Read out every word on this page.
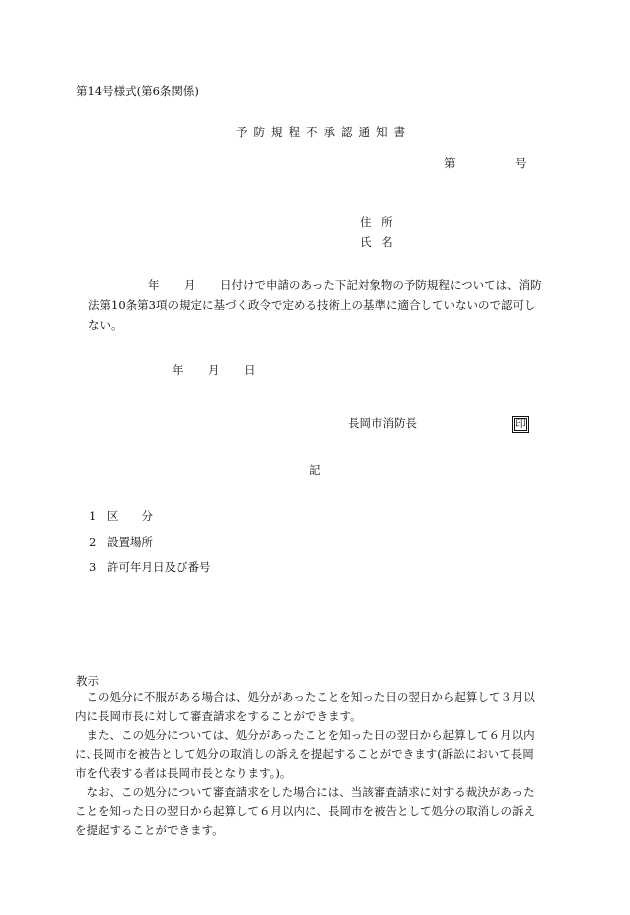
第14号様式(第6条関係)
予 防 規 程 不 承 認 通 知 書
第	号
住 所
氏 名
年 月 日付けで申請のあった下記対象物の予防規程については、消防
法第10条第3項の規定に基づく政令で定める技術上の基準に適合していないので認可し
ない。
年 月 日
長岡市消防長	印
記
1 区　　分
2 設置場所
3 許可年月日及び番号
教示
　この処分に不服がある場合は、処分があったことを知った日の翌日から起算して３月以
内に長岡市長に対して審査請求をすることができます。
　また、この処分については、処分があったことを知った日の翌日から起算して６月以内
に､長岡市を被告として処分の取消しの訴えを提起することができます(訴訟において長岡
市を代表する者は長岡市長となります。)。
　なお、この処分について審査請求をした場合には、当該審査請求に対する裁決があった
ことを知った日の翌日から起算して６月以内に、長岡市を被告として処分の取消しの訴え
を提起することができます。
